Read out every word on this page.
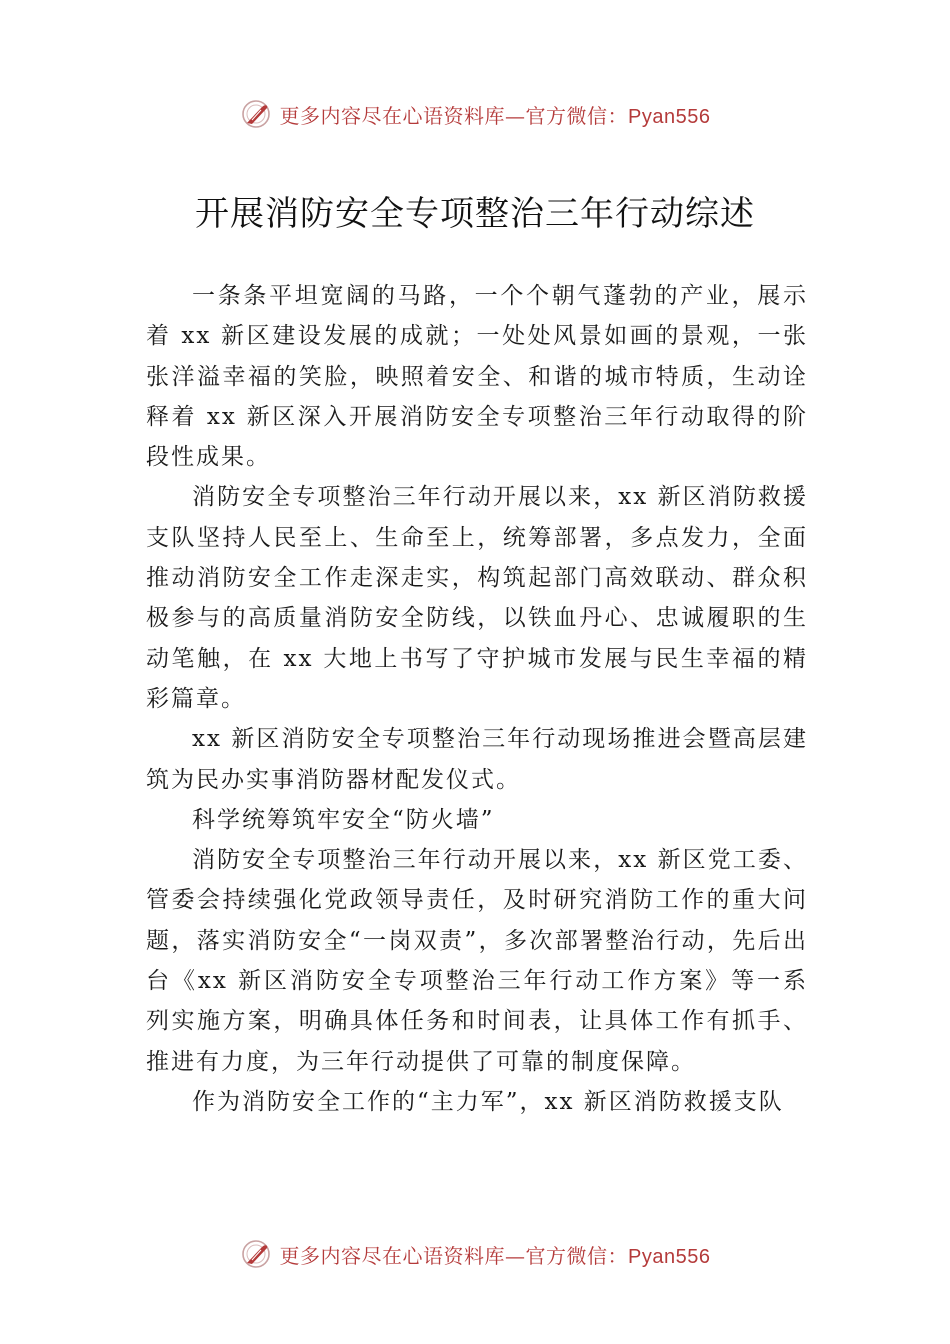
更多内容尽在心语资料库—官方微信：Pyan556
开展消防安全专项整治三年行动综述

一条条平坦宽阔的马路，一个个朝气蓬勃的产业，展示着 xx 新区建设发展的成就；一处处风景如画的景观，一张张洋溢幸福的笑脸，映照着安全、和谐的城市特质，生动诠释着 xx 新区深入开展消防安全专项整治三年行动取得的阶段性成果。

消防安全专项整治三年行动开展以来，xx 新区消防救援支队坚持人民至上、生命至上，统筹部署，多点发力，全面推动消防安全工作走深走实，构筑起部门高效联动、群众积极参与的高质量消防安全防线，以铁血丹心、忠诚履职的生动笔触，在 xx 大地上书写了守护城市发展与民生幸福的精彩篇章。

xx 新区消防安全专项整治三年行动现场推进会暨高层建筑为民办实事消防器材配发仪式。

科学统筹筑牢安全“防火墙”

消防安全专项整治三年行动开展以来，xx 新区党工委、管委会持续强化党政领导责任，及时研究消防工作的重大问题，落实消防安全“一岗双责”，多次部署整治行动，先后出台《xx 新区消防安全专项整治三年行动工作方案》等一系列实施方案，明确具体任务和时间表，让具体工作有抓手、推进有力度，为三年行动提供了可靠的制度保障。

作为消防安全工作的“主力军”，xx 新区消防救援支队

更多内容尽在心语资料库—官方微信：Pyan556
